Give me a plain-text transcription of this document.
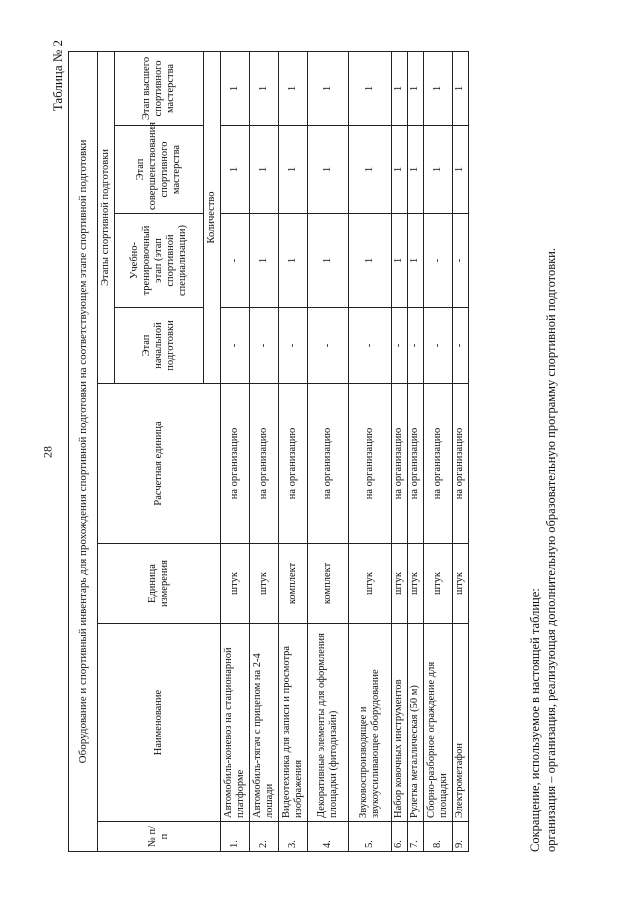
28
Таблица № 2
Оборудование и спортивный инвентарь для прохождения спортивной подготовки на соответствующем этапе спортивной подготовки							
№ п/п	Наименование	Единица измерения	Расчетная единица	Этапы спортивной подготовки			
				Этап начальной подготовки	Учебно-тренировочный этап (этап спортивной специализации)	Этап совершенствования спортивного мастерства	Этап высшего спортивного мастерства
				Количество			
1.	Автомобиль-коневоз на стационарной платформе	штук	на организацию	-	-	1	1
2.	Автомобиль-тягач с прицепом на 2-4 лошади	штук	на организацию	-	1	1	1
3.	Видеотехника для записи и просмотра изображения	комплект	на организацию	-	1	1	1
4.	Декоративные элементы для оформления площадки (фитодизайн)	комплект	на организацию	-	1	1	1
5.	Звуковоспроизводящее и звукоусиливающее оборудование	штук	на организацию	-	1	1	1
6.	Набор ковочных инструментов	штук	на организацию	-	1	1	1
7.	Рулетка металлическая (50 м)	штук	на организацию	-	1	1	1
8.	Сборно-разборное ограждение для площадки	штук	на организацию	-	-	1	1
9.	Электрометафон	штук	на организацию	-	-	1	1
Сокращение, используемое в настоящей таблице: организация – организация, реализующая дополнительную образовательную программу спортивной подготовки.
